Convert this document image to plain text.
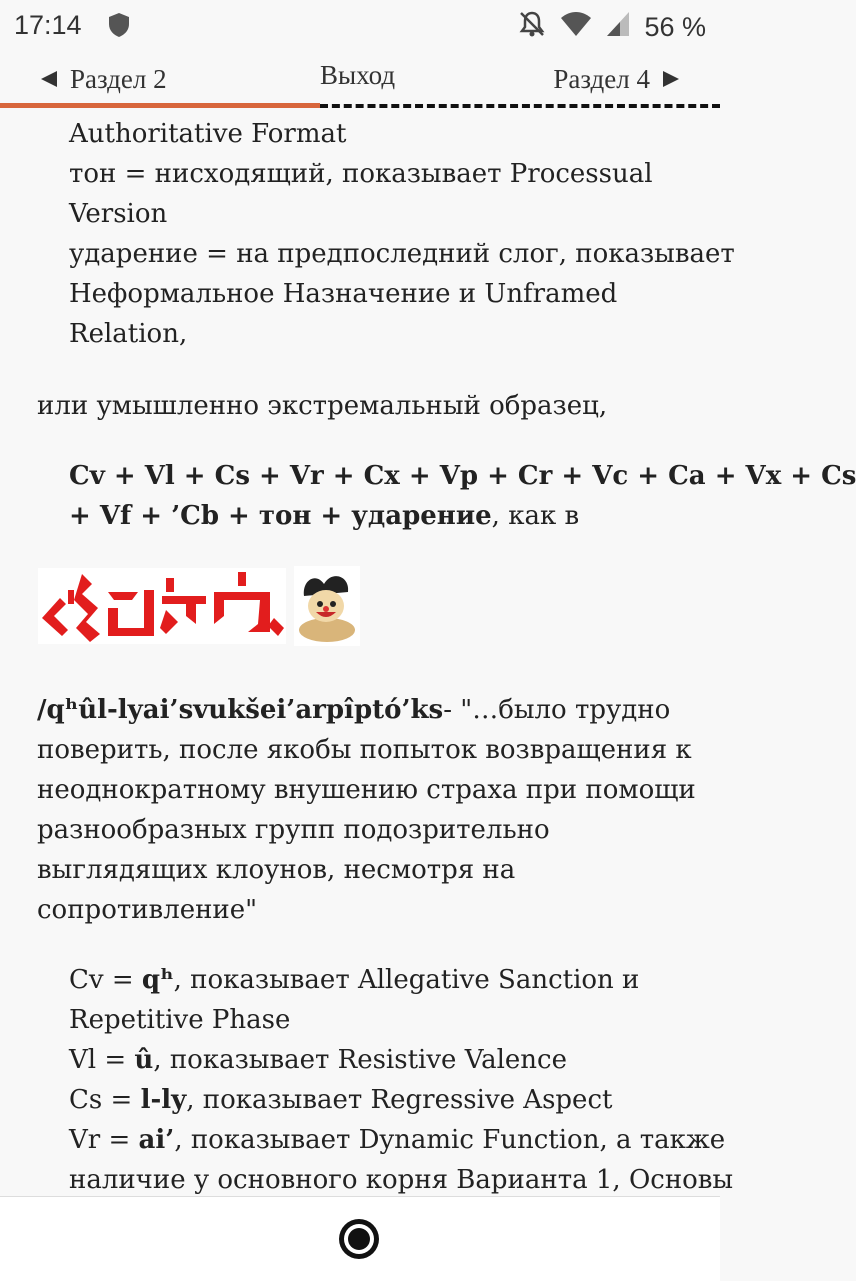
17:14	56 %
Раздел 2	Выход	Раздел 4
Authoritative Format
тон = нисходящий, показывает Processual
Version
ударение = на предпоследний слог, показывает
Неформальное Назначение и Unframed
Relation,
или умышленно экстремальный образец,
Cv + Vl + Cs + Vr + Cx + Vp + Cr + Vc + Ca + Vx + Cs
+ Vf + ’Cb + тон + ударение, как в
/qʰûl-lyai’svukšei’arpîptó’ks- "…было трудно
поверить, после якобы попыток возвращения к
неоднократному внушению страха при помощи
разнообразных групп подозрительно
выглядящих клоунов, несмотря на
сопротивление"
Cv = qʰ, показывает Allegative Sanction и
Repetitive Phase
Vl = û, показывает Resistive Valence
Cs = l-ly, показывает Regressive Aspect
Vr = ai’, показывает Dynamic Function, а также
наличие у основного корня Варианта 1, Основы
